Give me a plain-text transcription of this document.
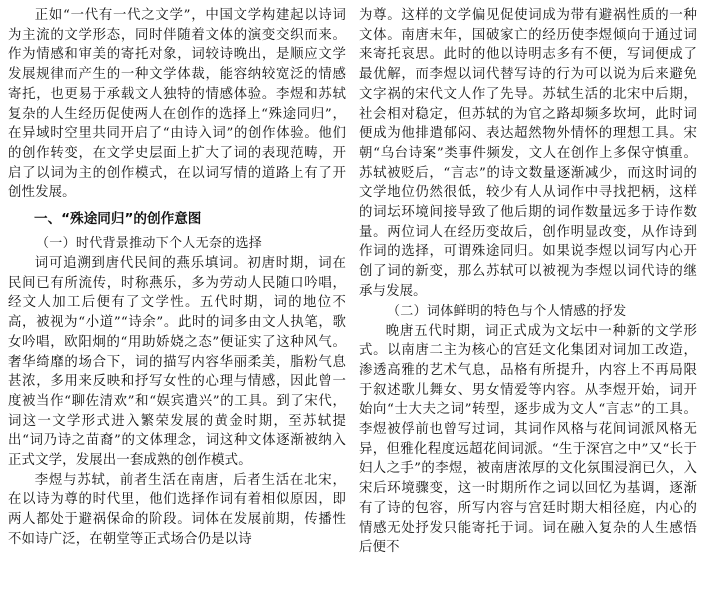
正如“一代有一代之文学”，中国文学构建起以诗词为主流的文学形态，同时伴随着文体的演变交织而来。作为情感和审美的寄托对象，词较诗晚出，是顺应文学发展规律而产生的一种文学体裁，能容纳较宽泛的情感寄托，也更易于承载文人独特的情感体验。李煜和苏轼复杂的人生经历促使两人在创作的选择上“殊途同归”，在异域时空里共同开启了“由诗入词”的创作体验。他们的创作转变，在文学史层面上扩大了词的表现范畴，开启了以词为主的创作模式，在以词写情的道路上有了开创性发展。

一、“殊途同归”的创作意图
（一）时代背景推动下个人无奈的选择

词可追溯到唐代民间的燕乐填词。初唐时期，词在民间已有所流传，时称燕乐，多为劳动人民随口吟唱，经文人加工后便有了文学性。五代时期，词的地位不高，被视为“小道”“诗余”。此时的词多由文人执笔，歌女吟唱，欧阳炯的“用助娇娆之态”便证实了这种风气。奢华绮靡的场合下，词的描写内容华丽柔美，脂粉气息甚浓，多用来反映和抒写女性的心理与情感，因此曾一度被当作“聊佐清欢”和“娱宾遣兴”的工具。到了宋代，词这一文学形式进入繁荣发展的黄金时期，至苏轼提出“词乃诗之苗裔”的文体理念，词这种文体逐渐被纳入正式文学，发展出一套成熟的创作模式。

李煜与苏轼，前者生活在南唐，后者生活在北宋，在以诗为尊的时代里，他们选择作词有着相似原因，即两人都处于避祸保命的阶段。词体在发展前期，传播性不如诗广泛，在朝堂等正式场合仍是以诗

为尊。这样的文学偏见促使词成为带有避祸性质的一种文体。南唐末年，国破家亡的经历使李煜倾向于通过词来寄托哀思。此时的他以诗明志多有不便，写词便成了最优解，而李煜以词代替写诗的行为可以说为后来避免文字祸的宋代文人作了先导。苏轼生活的北宋中后期，社会相对稳定，但苏轼的为官之路却频多坎坷，此时词便成为他排遣郁闷、表达超然物外情怀的理想工具。宋朝“乌台诗案”类事件频发，文人在创作上多保守慎重。苏轼被贬后，“言志”的诗文数量逐渐减少，而这时词的文学地位仍然很低，较少有人从词作中寻找把柄，这样的词坛环境间接导致了他后期的词作数量远多于诗作数量。两位词人在经历变故后，创作明显改变，从作诗到作词的选择，可谓殊途同归。如果说李煜以词写内心开创了词的新变，那么苏轼可以被视为李煜以词代诗的继承与发展。

（二）词体鲜明的特色与个人情感的抒发

晚唐五代时期，词正式成为文坛中一种新的文学形式。以南唐二主为核心的宫廷文化集团对词加工改造，渗透高雅的艺术气息，品格有所提升，内容上不再局限于叙述歌儿舞女、男女情爱等内容。从李煜开始，词开始向“士大夫之词”转型，逐步成为文人“言志”的工具。李煜被俘前也曾写过词，其词作风格与花间词派风格无异，但雅化程度远超花间词派。“生于深宫之中”又“长于妇人之手”的李煜，被南唐浓厚的文化氛围浸润已久，入宋后环境骤变，这一时期所作之词以回忆为基调，逐渐有了诗的包容，所写内容与宫廷时期大相径庭，内心的情感无处抒发只能寄托于词。词在融入复杂的人生感悟后便不
